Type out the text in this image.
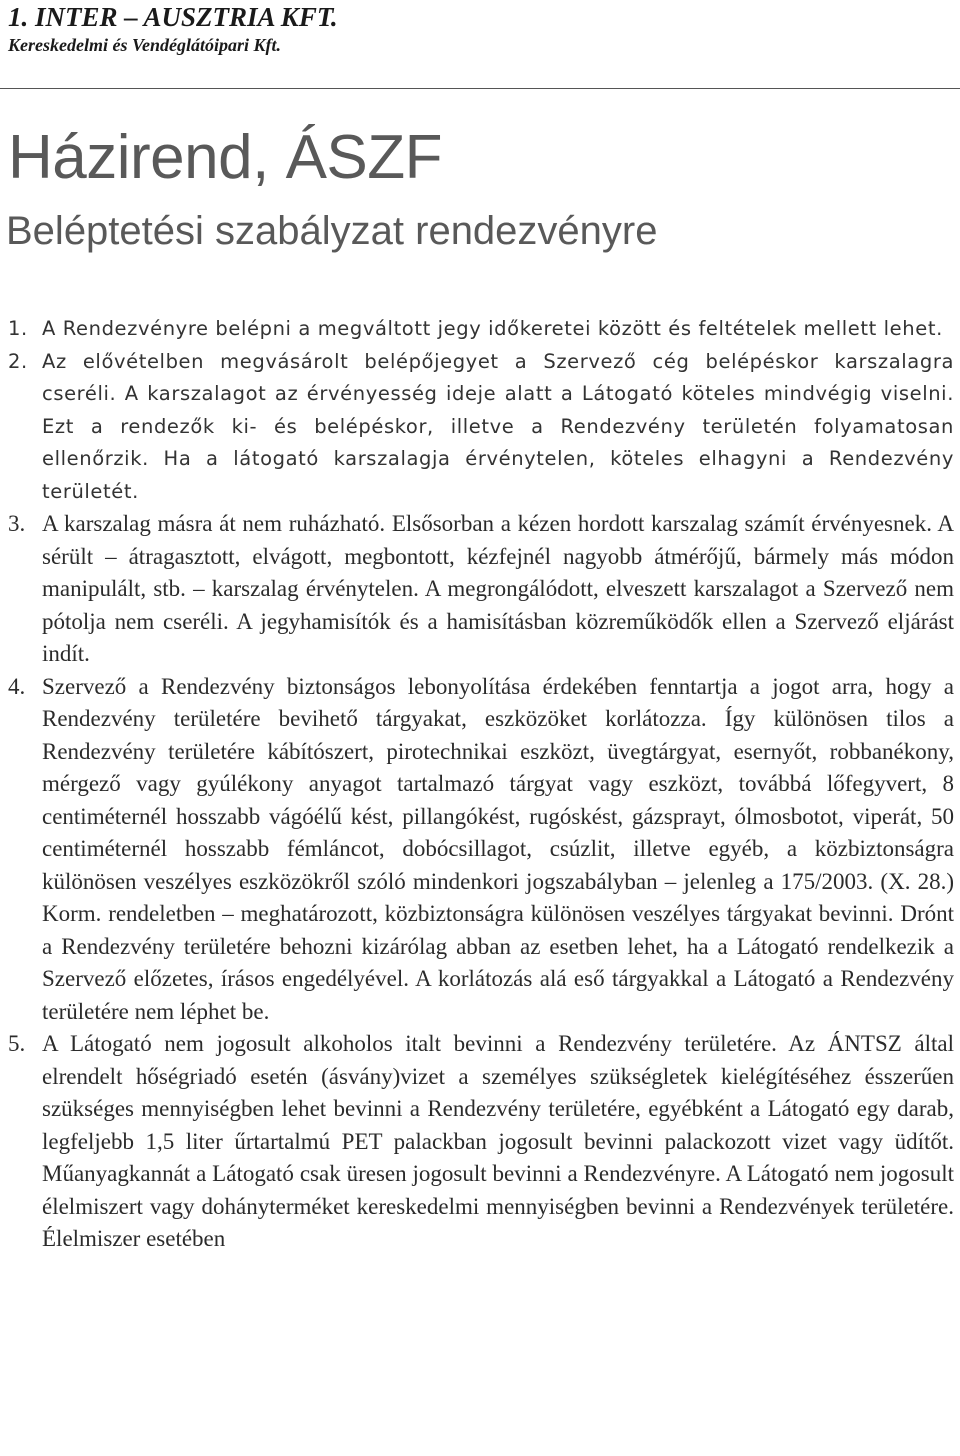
1. INTER – AUSZTRIA KFT.
Kereskedelmi és Vendéglátóipari Kft.
Házirend, ÁSZF
Beléptetési szabályzat rendezvényre
1. A Rendezvényre belépni a megváltott jegy időkeretei között és feltételek mellett lehet.
2. Az elővételben megvásárolt belépőjegyet a Szervező cég belépéskor karszalagra cseréli. A karszalagot az érvényesség ideje alatt a Látogató köteles mindvégig viselni. Ezt a rendezők ki- és belépéskor, illetve a Rendezvény területén folyamatosan ellenőrzik. Ha a látogató karszalagja érvénytelen, köteles elhagyni a Rendezvény területét.
3. A karszalag másra át nem ruházható. Elsősorban a kézen hordott karszalag számít érvényesnek. A sérült – átragasztott, elvágott, megbontott, kézfejnél nagyobb átmérőjű, bármely más módon manipulált, stb. – karszalag érvénytelen. A megrongálódott, elveszett karszalagot a Szervező nem pótolja nem cseréli. A jegyhamisítók és a hamisításban közreműködők ellen a Szervező eljárást indít.
4. Szervező a Rendezvény biztonságos lebonyolítása érdekében fenntartja a jogot arra, hogy a Rendezvény területére bevihető tárgyakat, eszközöket korlátozza. Így különösen tilos a Rendezvény területére kábítószert, pirotechnikai eszközt, üvegtárgyat, esernyőt, robbanékony, mérgező vagy gyúlékony anyagot tartalmazó tárgyat vagy eszközt, továbbá lőfegyvert, 8 centiméternél hosszabb vágóélű kést, pillangókést, rugóskést, gázsprayt, ólmosbotot, viperát, 50 centiméternél hosszabb fémláncot, dobócsillagot, csúzlit, illetve egyéb, a közbiztonságra különösen veszélyes eszközökről szóló mindenkori jogszabályban – jelenleg a 175/2003. (X. 28.) Korm. rendeletben – meghatározott, közbiztonságra különösen veszélyes tárgyakat bevinni. Drónt a Rendezvény területére behozni kizárólag abban az esetben lehet, ha a Látogató rendelkezik a Szervező előzetes, írásos engedélyével. A korlátozás alá eső tárgyakkal a Látogató a Rendezvény területére nem léphet be.
5. A Látogató nem jogosult alkoholos italt bevinni a Rendezvény területére. Az ÁNTSZ által elrendelt hőségriadó esetén (ásvány)vizet a személyes szükségletek kielégítéséhez ésszerűen szükséges mennyiségben lehet bevinni a Rendezvény területére, egyébként a Látogató egy darab, legfeljebb 1,5 liter űrtartalmú PET palackban jogosult bevinni palackozott vizet vagy üdítőt. Műanyagkannát a Látogató csak üresen jogosult bevinni a Rendezvényre. A Látogató nem jogosult élelmiszert vagy dohányterméket kereskedelmi mennyiségben bevinni a Rendezvények területére. Élelmiszer esetében
